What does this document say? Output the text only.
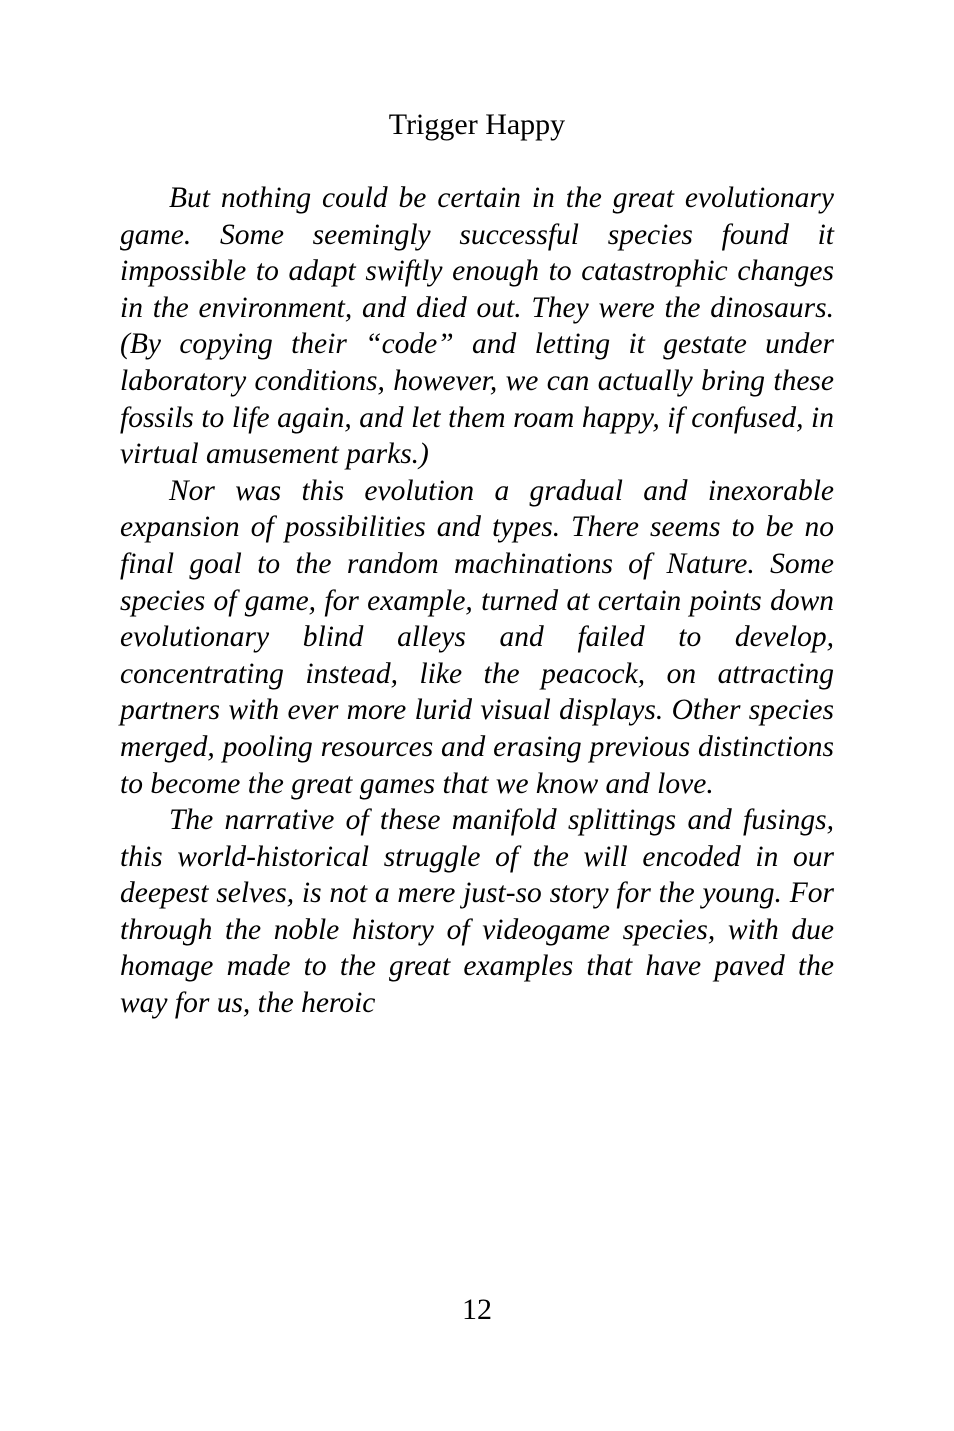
Trigger Happy

But nothing could be certain in the great evolutionary game. Some seemingly successful species found it impossible to adapt swiftly enough to catastrophic changes in the environment, and died out. They were the dinosaurs. (By copying their “code” and letting it gestate under laboratory conditions, however, we can actually bring these fossils to life again, and let them roam happy, if confused, in virtual amusement parks.)

Nor was this evolution a gradual and inexorable expansion of possibilities and types. There seems to be no final goal to the random machinations of Nature. Some species of game, for example, turned at certain points down evolutionary blind alleys and failed to develop, concentrating instead, like the peacock, on attracting partners with ever more lurid visual displays. Other species merged, pooling resources and erasing previous distinctions to become the great games that we know and love.

The narrative of these manifold splittings and fusings, this world-historical struggle of the will encoded in our deepest selves, is not a mere just-so story for the young. For through the noble history of videogame species, with due homage made to the great examples that have paved the way for us, the heroic

12
